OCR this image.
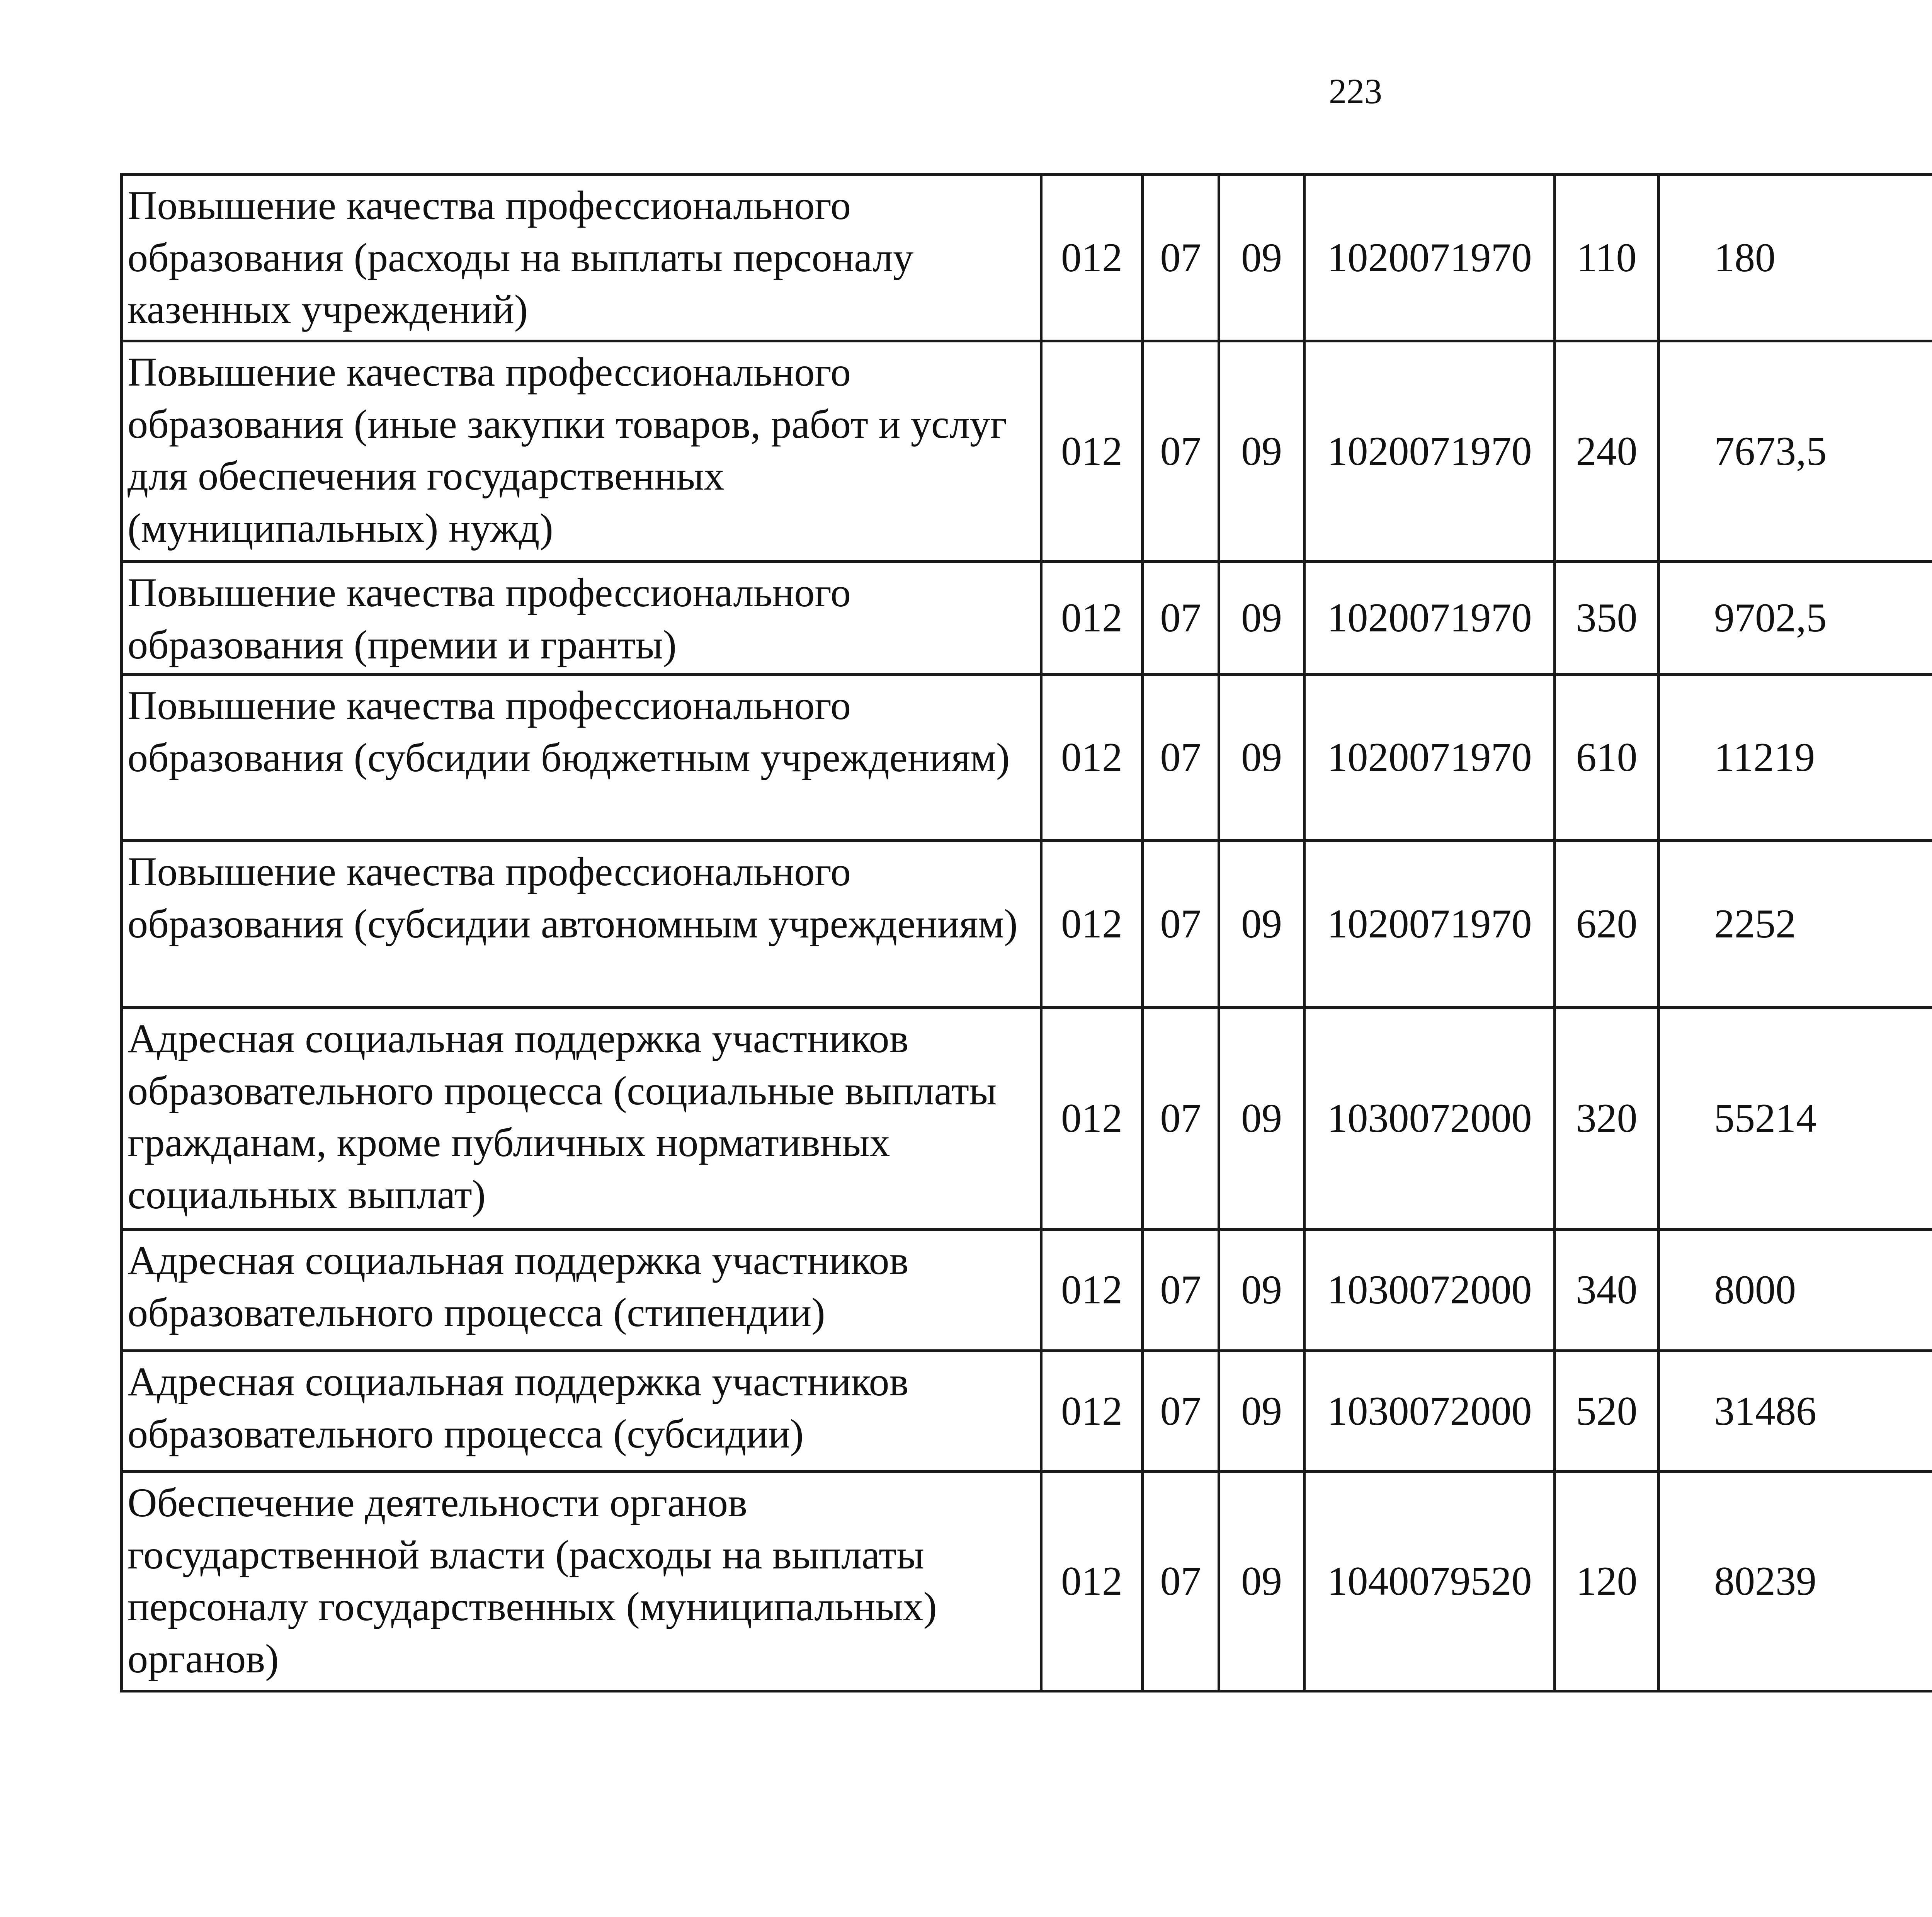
223
Повышение качества профессионального образования (расходы на выплаты персоналу казенных учреждений)	012	07	09	1020071970	110	180		
Повышение качества профессионального образования (иные закупки товаров, работ и услуг для обеспечения государственных (муниципальных) нужд)	012	07	09	1020071970	240	7673,5		
Повышение качества профессионального образования (премии и гранты)	012	07	09	1020071970	350	9702,5		
Повышение качества профессионального образования (субсидии бюджетным учреждениям)	012	07	09	1020071970	610	11219		
Повышение качества профессионального образования (субсидии автономным учреждениям)	012	07	09	1020071970	620	2252		
Адресная социальная поддержка участников образовательного процесса (социальные выплаты гражданам, кроме публичных нормативных социальных выплат)	012	07	09	1030072000	320	55214		
Адресная социальная поддержка участников образовательного процесса (стипендии)	012	07	09	1030072000	340	8000		
Адресная социальная поддержка участников образовательного процесса (субсидии)	012	07	09	1030072000	520	31486		
Обеспечение деятельности органов государственной власти (расходы на выплаты персоналу государственных (муниципальных) органов)	012	07	09	1040079520	120	80239		
